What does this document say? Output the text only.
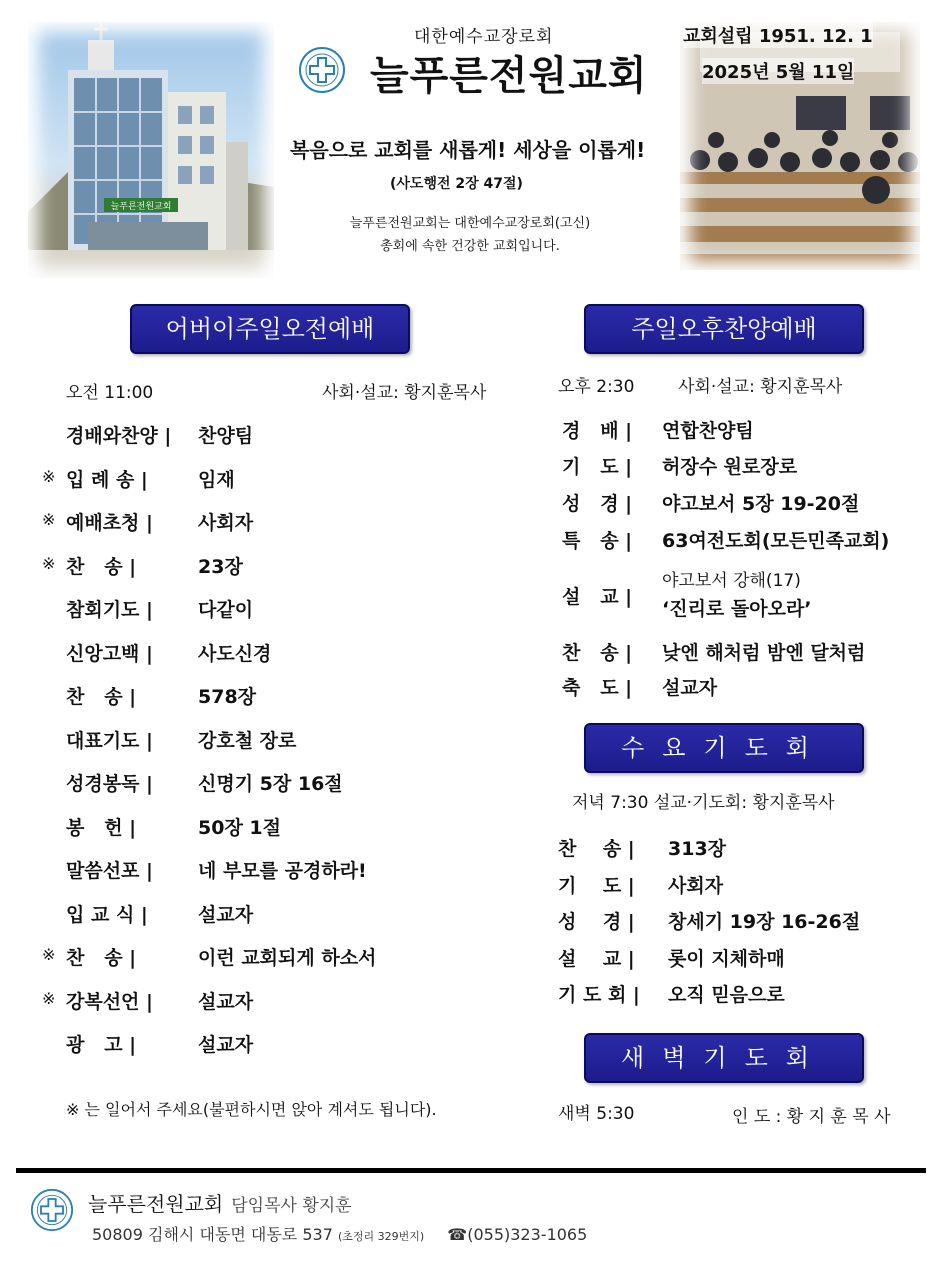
늘푸른전원교회
대한예수교장로회
늘푸른전원교회
교회설립 1951. 12. 1
2025년 5월 11일
복음으로 교회를 새롭게! 세상을 이롭게!
(사도행전 2장 47절)
늘푸른전원교회는 대한예수교장로회(고신)
총회에 속한 건강한 교회입니다.
어버이주일오전예배	주일오후찬양예배
수요기도회
새벽기도회
오전 11:00	사회·설교: 황지훈목사
경배와찬양 | 찬양팀
※ 입 례 송 |	임재
※ 예배초청 | 사회자
※ 찬   송 |	23장
참회기도 | 다같이
신앙고백 | 사도신경
찬   송 |	578장
대표기도 | 강호철 장로
성경봉독 | 신명기 5장 16절
봉   헌 |	50장 1절
말씀선포 | 네 부모를 공경하라!
입 교 식 |	설교자
※ 찬   송 |	이런 교회되게 하소서
※ 강복선언 | 설교자
광   고 |	설교자
※ 는 일어서 주세요(불편하시면 앉아 계셔도 됩니다).
오후 2:30	사회·설교: 황지훈목사
경   배 | 연합찬양팀
기   도 | 허장수 원로장로
성   경 | 야고보서 5장 19-20절
특   송 | 63여전도회(모든민족교회)
설   교 |
야고보서 강해(17)
‘진리로 돌아오라’
찬   송 | 낮엔 해처럼 밤엔 달처럼
축   도 | 설교자
저녁 7:30 설교·기도회: 황지훈목사
찬    송 | 313장
기    도 | 사회자
성    경 | 창세기 19장 16-26절
설    교 | 롯이 지체하매
기 도 회 | 오직 믿음으로
새벽 5:30	인 도 : 황 지 훈 목 사
늘푸른전원교회 담임목사 황지훈
50809 김해시 대동면 대동로 537 (초정리 329번지) ☎(055)323-1065
